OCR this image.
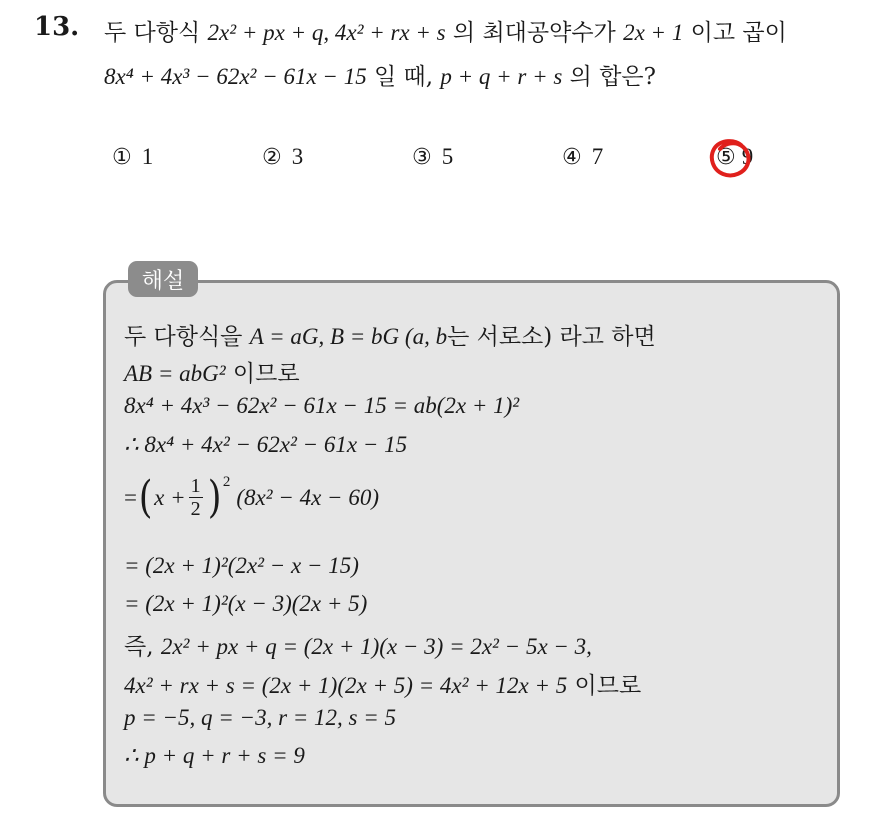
13. 두 다항식 2x² + px + q, 4x² + rx + s 의 최대공약수가 2x + 1 이고 곱이
8x⁴ + 4x³ − 62x² − 61x − 15 일 때, p + q + r + s 의 합은?
① 1	② 3	③ 5	④ 7	⑤ 9
해설
두 다항식을 A = aG, B = bG (a, b는 서로소) 라고 하면
AB = abG² 이므로
8x⁴ + 4x³ − 62x² − 61x − 15 = ab(2x + 1)²
∴ 8x⁴ + 4x² − 62x² − 61x − 15
= ( $x + \frac{1}{2}$ ) 2
(8x² − 4x − 60)
= (2x + 1)²(2x² − x − 15)
= (2x + 1)²(x − 3)(2x + 5)
즉, 2x² + px + q = (2x + 1)(x − 3) = 2x² − 5x − 3,
4x² + rx + s = (2x + 1)(2x + 5) = 4x² + 12x + 5 이므로
p = −5, q = −3, r = 12, s = 5
∴ p + q + r + s = 9
